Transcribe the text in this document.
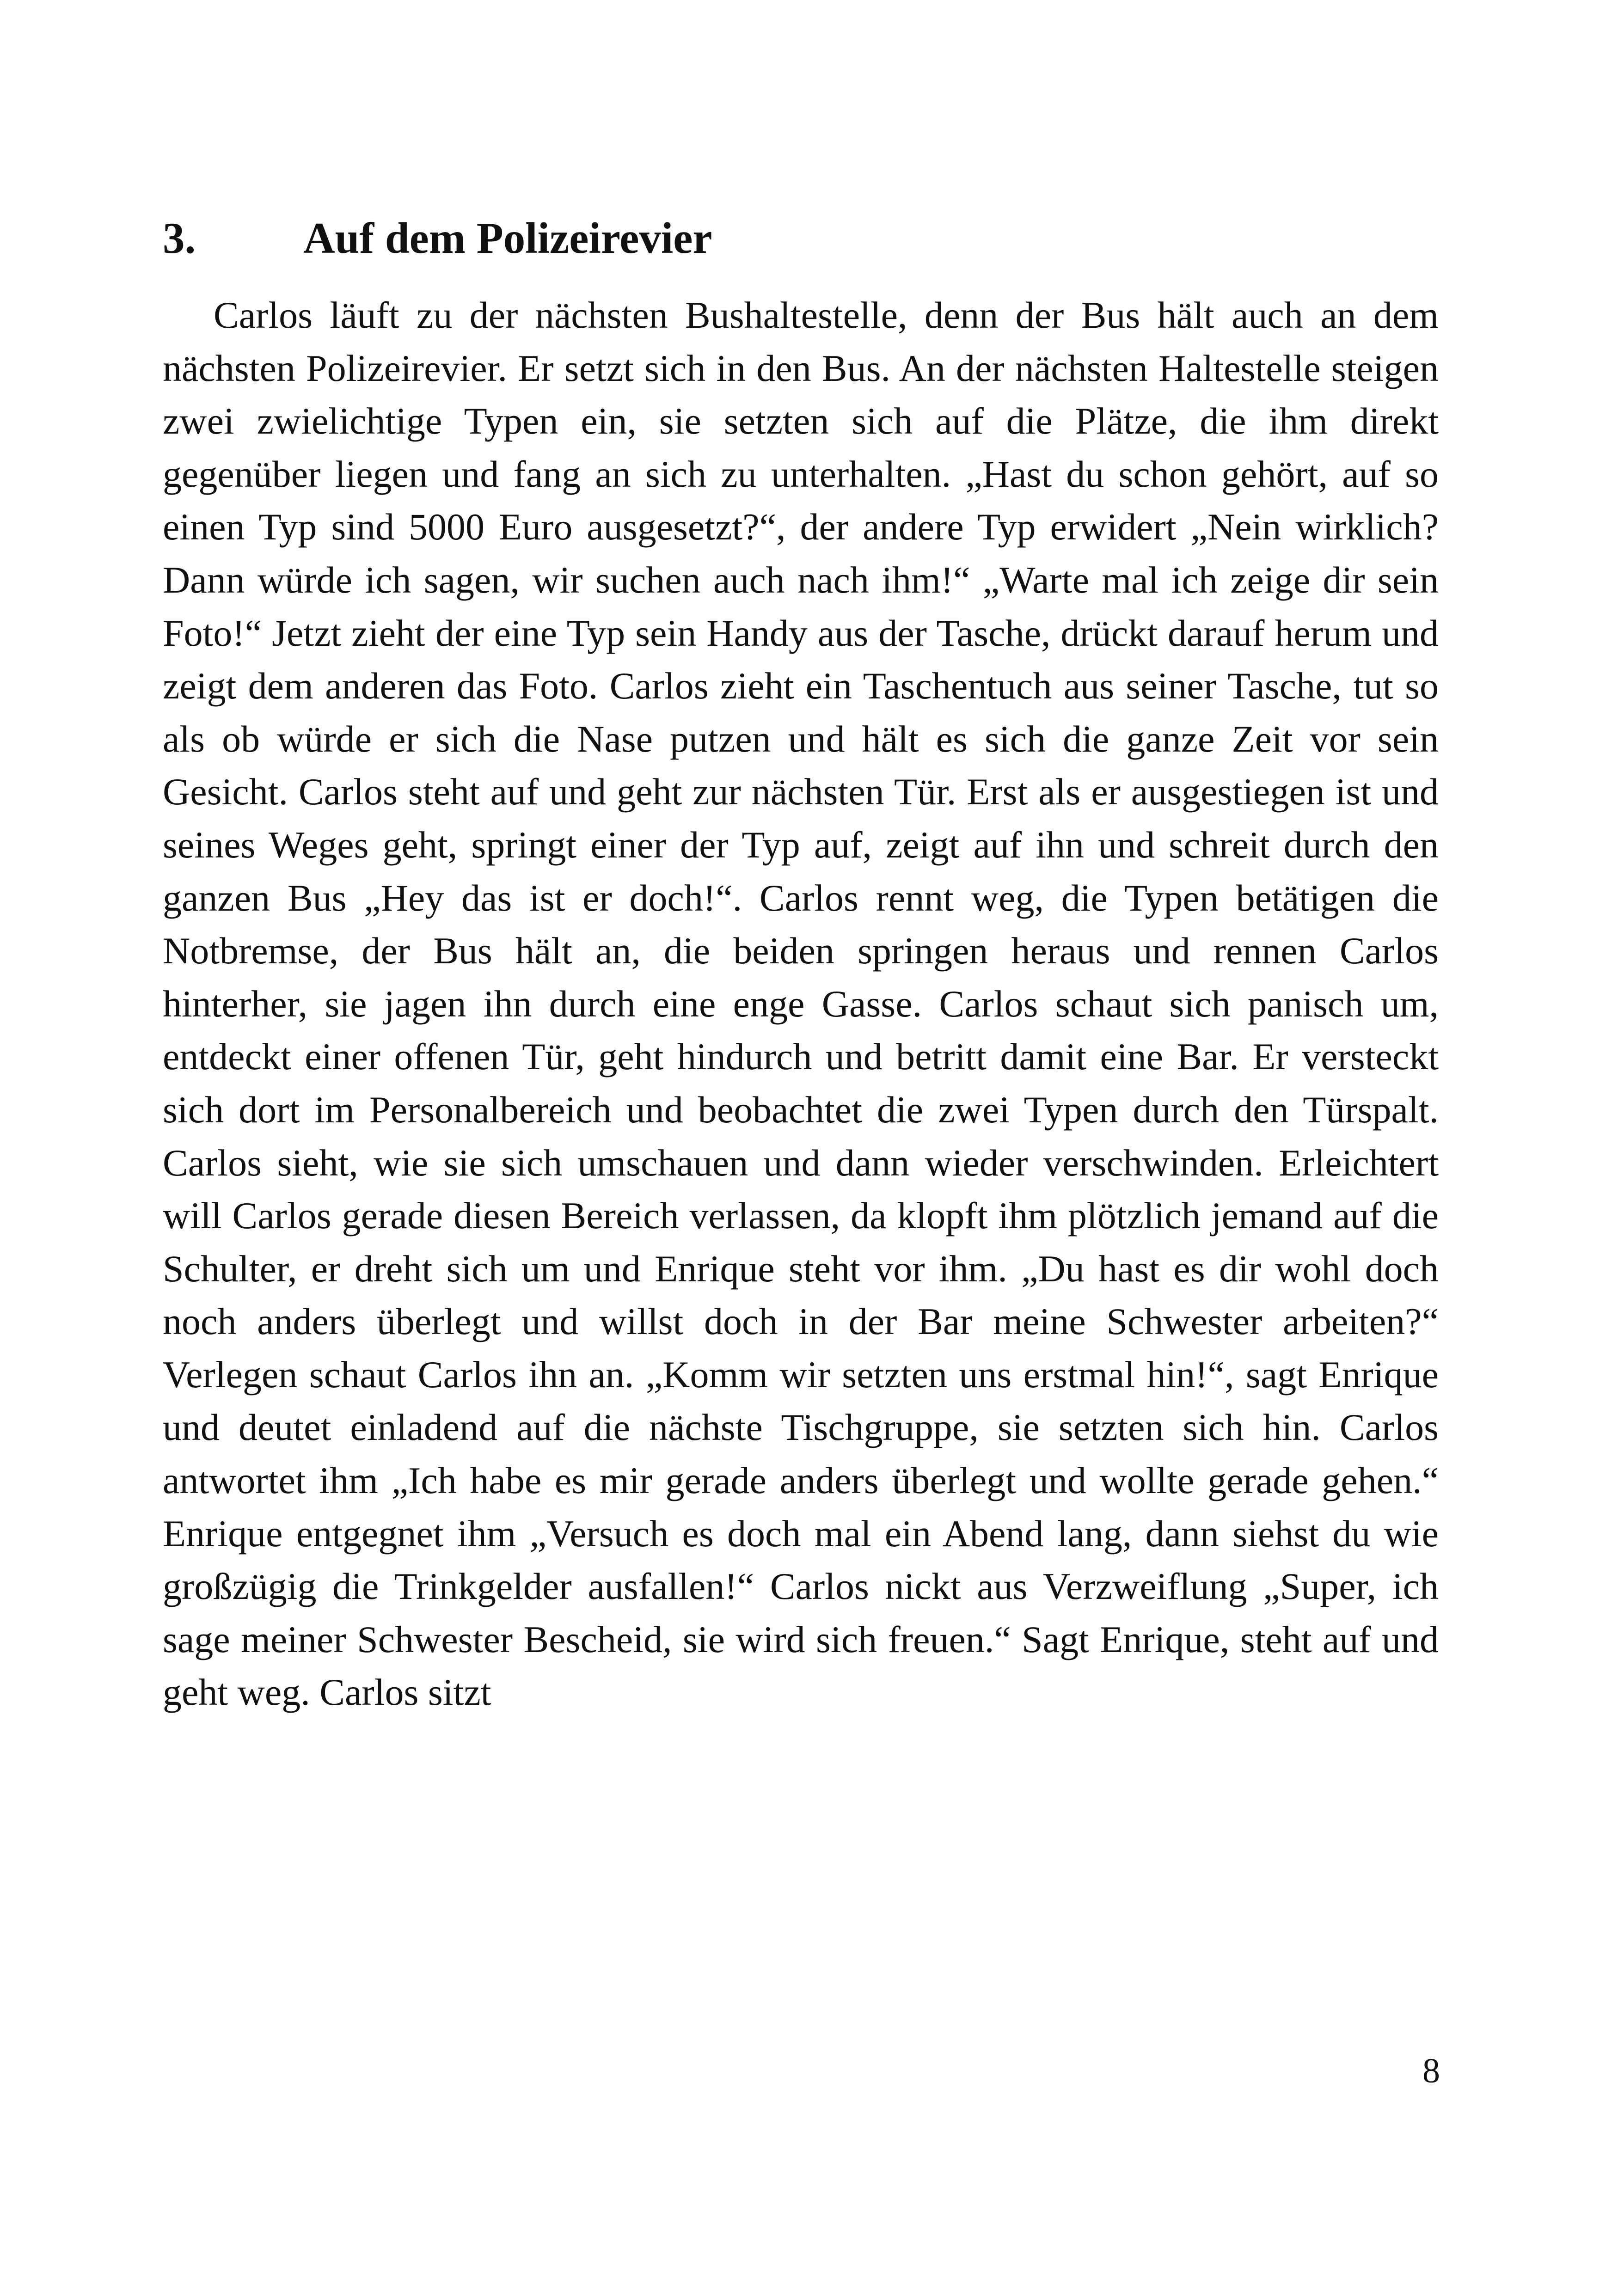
3.	Auf dem Polizeirevier

Carlos läuft zu der nächsten Bushaltestelle, denn der Bus hält auch an dem nächsten Polizeirevier. Er setzt sich in den Bus. An der nächsten Haltestelle steigen zwei zwielichtige Typen ein, sie setzten sich auf die Plätze, die ihm direkt gegenüber liegen und fang an sich zu unterhalten. „Hast du schon gehört, auf so einen Typ sind 5000 Euro ausgesetzt?“, der andere Typ erwidert „Nein wirklich? Dann würde ich sagen, wir suchen auch nach ihm!“ „Warte mal ich zeige dir sein Foto!“ Jetzt zieht der eine Typ sein Handy aus der Tasche, drückt darauf herum und zeigt dem anderen das Foto. Carlos zieht ein Taschentuch aus seiner Tasche, tut so als ob würde er sich die Nase putzen und hält es sich die ganze Zeit vor sein Gesicht. Carlos steht auf und geht zur nächsten Tür. Erst als er ausgestiegen ist und seines Weges geht, springt einer der Typ auf, zeigt auf ihn und schreit durch den ganzen Bus „Hey das ist er doch!“. Carlos rennt weg, die Typen betätigen die Notbremse, der Bus hält an, die beiden springen heraus und rennen Carlos hinterher, sie jagen ihn durch eine enge Gasse. Carlos schaut sich panisch um, entdeckt einer offenen Tür, geht hindurch und betritt damit eine Bar. Er versteckt sich dort im Personalbereich und beobachtet die zwei Typen durch den Türspalt. Carlos sieht, wie sie sich umschauen und dann wieder verschwinden. Erleichtert will Carlos gerade diesen Bereich verlassen, da klopft ihm plötzlich jemand auf die Schulter, er dreht sich um und Enrique steht vor ihm. „Du hast es dir wohl doch noch anders überlegt und willst doch in der Bar meine Schwester arbeiten?“ Verlegen schaut Carlos ihn an. „Komm wir setzten uns erstmal hin!“, sagt Enrique und deutet einladend auf die nächste Tischgruppe, sie setzten sich hin. Carlos antwortet ihm „Ich habe es mir gerade anders überlegt und wollte gerade gehen.“ Enrique entgegnet ihm „Versuch es doch mal ein Abend lang, dann siehst du wie großzügig die Trinkgelder ausfallen!“ Carlos nickt aus Verzweiflung „Super, ich sage meiner Schwester Bescheid, sie wird sich freuen.“ Sagt Enrique, steht auf und geht weg. Carlos sitzt

8
